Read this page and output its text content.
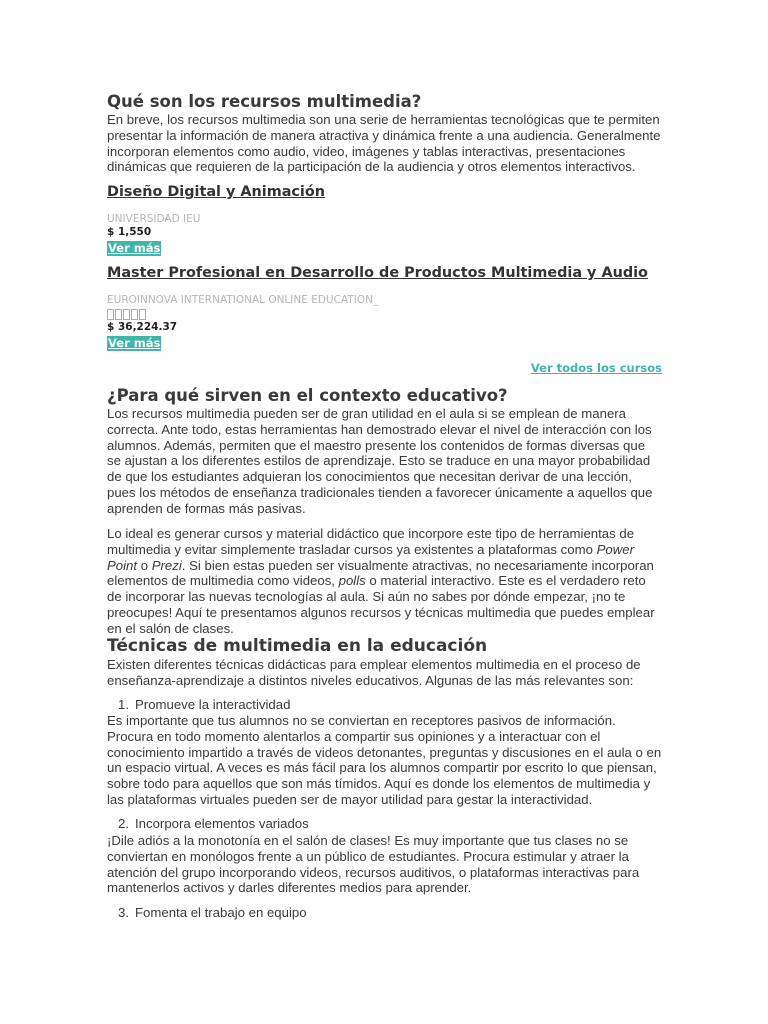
Qué son los recursos multimedia?

En breve, los recursos multimedia son una serie de herramientas tecnológicas que te permiten presentar la información de manera atractiva y dinámica frente a una audiencia. Generalmente incorporan elementos como audio, video, imágenes y tablas interactivas, presentaciones dinámicas que requieren de la participación de la audiencia y otros elementos interactivos.

Diseño Digital y Animación
UNIVERSIDAD IEU
$ 1,550
Ver más
Master Profesional en Desarrollo de Productos Multimedia y Audio
EUROINNOVA INTERNATIONAL ONLINE EDUCATION_
$ 36,224.37
Ver más
Ver todos los cursos
¿Para qué sirven en el contexto educativo?

Los recursos multimedia pueden ser de gran utilidad en el aula si se emplean de manera correcta. Ante todo, estas herramientas han demostrado elevar el nivel de interacción con los alumnos. Además, permiten que el maestro presente los contenidos de formas diversas que se ajustan a los diferentes estilos de aprendizaje. Esto se traduce en una mayor probabilidad de que los estudiantes adquieran los conocimientos que necesitan derivar de una lección, pues los métodos de enseñanza tradicionales tienden a favorecer únicamente a aquellos que aprenden de formas más pasivas.

Lo ideal es generar cursos y material didáctico que incorpore este tipo de herramientas de multimedia y evitar simplemente trasladar cursos ya existentes a plataformas como Power Point o Prezi. Si bien estas pueden ser visualmente atractivas, no necesariamente incorporan elementos de multimedia como videos, polls o material interactivo. Este es el verdadero reto de incorporar las nuevas tecnologías al aula. Si aún no sabes por dónde empezar, ¡no te preocupes! Aquí te presentamos algunos recursos y técnicas multimedia que puedes emplear en el salón de clases.

Técnicas de multimedia en la educación

Existen diferentes técnicas didácticas para emplear elementos multimedia en el proceso de enseñanza-aprendizaje a distintos niveles educativos. Algunas de las más relevantes son:

1. Promueve la interactividad

Es importante que tus alumnos no se conviertan en receptores pasivos de información. Procura en todo momento alentarlos a compartir sus opiniones y a interactuar con el conocimiento impartido a través de videos detonantes, preguntas y discusiones en el aula o en un espacio virtual. A veces es más fácil para los alumnos compartir por escrito lo que piensan, sobre todo para aquellos que son más tímidos. Aquí es donde los elementos de multimedia y las plataformas virtuales pueden ser de mayor utilidad para gestar la interactividad.

2. Incorpora elementos variados

¡Dile adiós a la monotonía en el salón de clases! Es muy importante que tus clases no se conviertan en monólogos frente a un público de estudiantes. Procura estimular y atraer la atención del grupo incorporando videos, recursos auditivos, o plataformas interactivas para mantenerlos activos y darles diferentes medios para aprender.

3. Fomenta el trabajo en equipo
